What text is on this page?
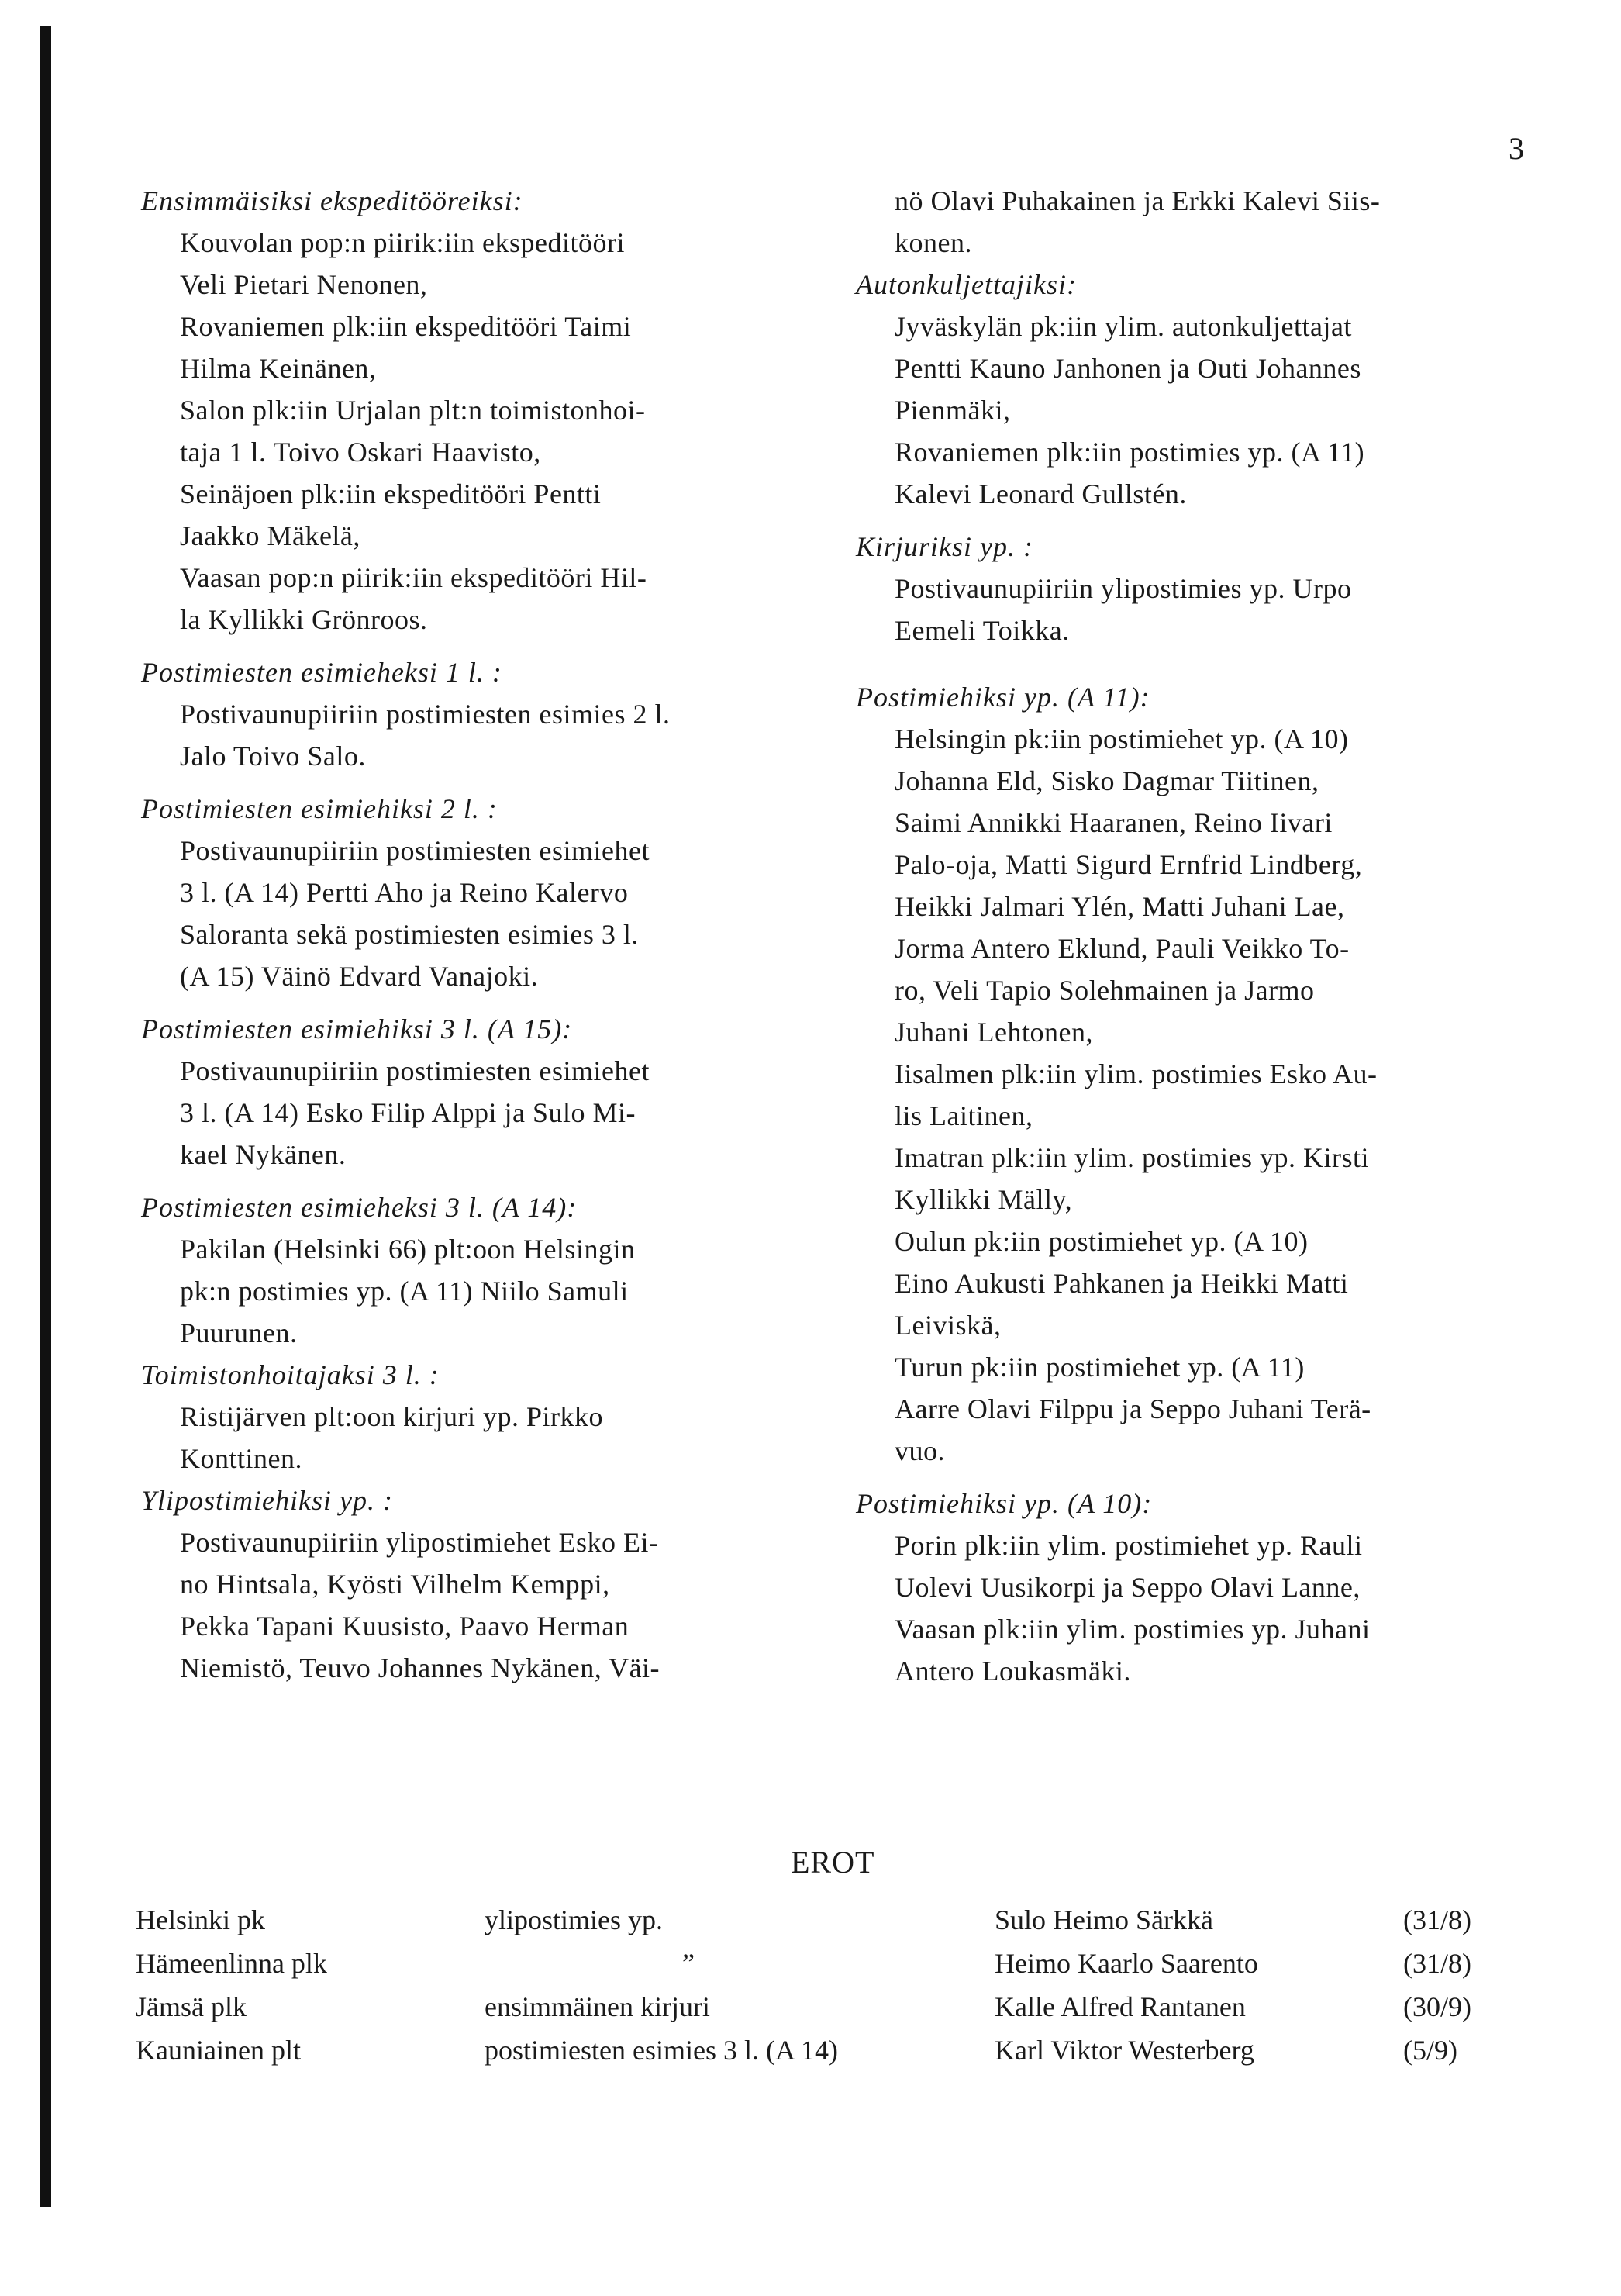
3
Ensimmäisiksi ekspeditööreiksi:
Kouvolan pop:n piirik:iin ekspeditööri
Veli Pietari Nenonen,
Rovaniemen plk:iin ekspeditööri Taimi
Hilma Keinänen,
Salon plk:iin Urjalan plt:n toimistonhoi-
taja 1 l. Toivo Oskari Haavisto,
Seinäjoen plk:iin ekspeditööri Pentti
Jaakko Mäkelä,
Vaasan pop:n piirik:iin ekspeditööri Hil-
la Kyllikki Grönroos.
Postimiesten esimieheksi 1 l. :
Postivaunupiiriin postimiesten esimies 2 l.
Jalo Toivo Salo.
Postimiesten esimiehiksi 2 l. :
Postivaunupiiriin postimiesten esimiehet
3 l. (A 14) Pertti Aho ja Reino Kalervo
Saloranta sekä postimiesten esimies 3 l.
(A 15) Väinö Edvard Vanajoki.
Postimiesten esimiehiksi 3 l. (A 15):
Postivaunupiiriin postimiesten esimiehet
3 l. (A 14) Esko Filip Alppi ja Sulo Mi-
kael Nykänen.
Postimiesten esimieheksi 3 l. (A 14):
Pakilan (Helsinki 66) plt:oon Helsingin
pk:n postimies yp. (A 11) Niilo Samuli
Puurunen.
Toimistonhoitajaksi 3 l. :
Ristijärven plt:oon kirjuri yp. Pirkko
Konttinen.
Ylipostimiehiksi yp. :
Postivaunupiiriin ylipostimiehet Esko Ei-
no Hintsala, Kyösti Vilhelm Kemppi,
Pekka Tapani Kuusisto, Paavo Herman
Niemistö, Teuvo Johannes Nykänen, Väi-
nö Olavi Puhakainen ja Erkki Kalevi Siis-
konen.
Autonkuljettajiksi:
Jyväskylän pk:iin ylim. autonkuljettajat
Pentti Kauno Janhonen ja Outi Johannes
Pienmäki,
Rovaniemen plk:iin postimies yp. (A 11)
Kalevi Leonard Gullstén.
Kirjuriksi yp. :
Postivaunupiiriin ylipostimies yp. Urpo
Eemeli Toikka.
Postimiehiksi yp. (A 11):
Helsingin pk:iin postimiehet yp. (A 10)
Johanna Eld, Sisko Dagmar Tiitinen,
Saimi Annikki Haaranen, Reino Iivari
Palo-oja, Matti Sigurd Ernfrid Lindberg,
Heikki Jalmari Ylén, Matti Juhani Lae,
Jorma Antero Eklund, Pauli Veikko To-
ro, Veli Tapio Solehmainen ja Jarmo
Juhani Lehtonen,
Iisalmen plk:iin ylim. postimies Esko Au-
lis Laitinen,
Imatran plk:iin ylim. postimies yp. Kirsti
Kyllikki Mälly,
Oulun pk:iin postimiehet yp. (A 10)
Eino Aukusti Pahkanen ja Heikki Matti
Leiviskä,
Turun pk:iin postimiehet yp. (A 11)
Aarre Olavi Filppu ja Seppo Juhani Terä-
vuo.
Postimiehiksi yp. (A 10):
Porin plk:iin ylim. postimiehet yp. Rauli
Uolevi Uusikorpi ja Seppo Olavi Lanne,
Vaasan plk:iin ylim. postimies yp. Juhani
Antero Loukasmäki.
EROT
Helsinki pk	ylipostimies yp.	Sulo Heimo Särkkä	(31/8)
Hämeenlinna plk	”	Heimo Kaarlo Saarento	(31/8)
Jämsä plk	ensimmäinen kirjuri	Kalle Alfred Rantanen	(30/9)
Kauniainen plt	postimiesten esimies 3 l. (A 14)	Karl Viktor Westerberg	(5/9)
